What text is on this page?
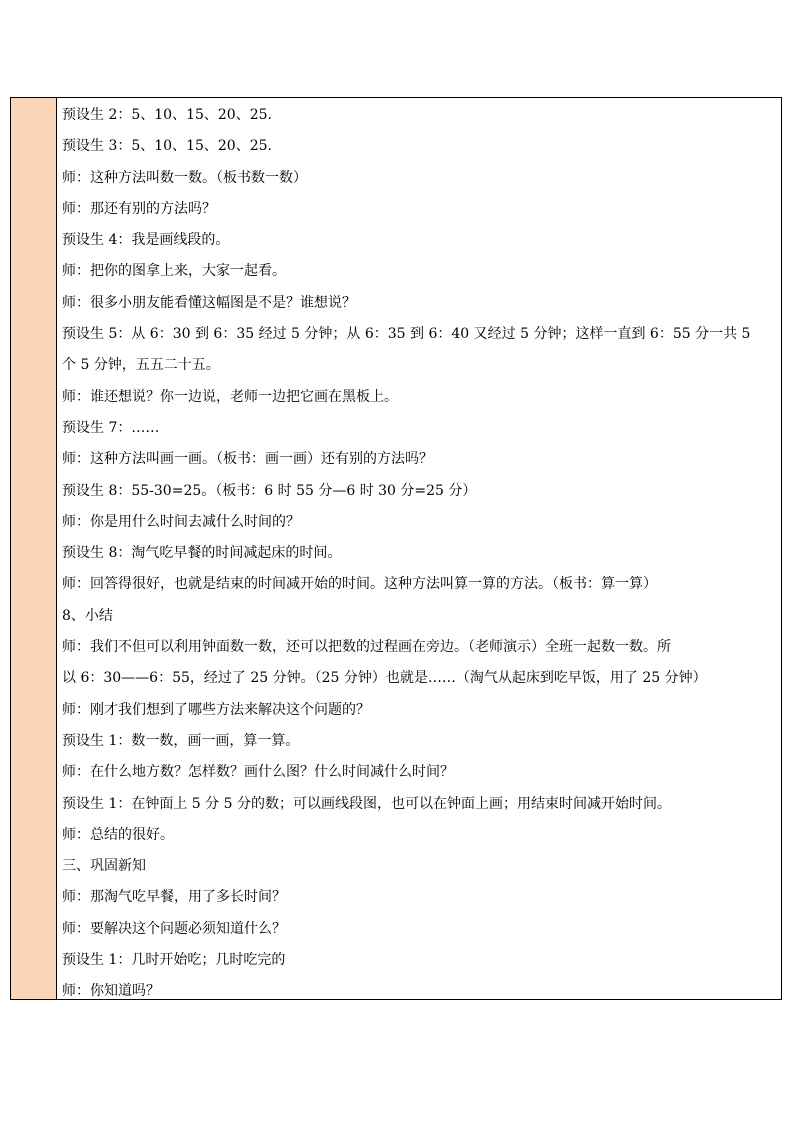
预设生 2：5、10、15、20、25.
预设生 3：5、10、15、20、25.
师：这种方法叫数一数。（板书数一数）
师：那还有别的方法吗？
预设生 4：我是画线段的。
师：把你的图拿上来，大家一起看。
师：很多小朋友能看懂这幅图是不是？谁想说？
预设生 5：从 6：30 到 6：35 经过 5 分钟；从 6：35 到 6：40 又经过 5 分钟；这样一直到 6：55 分一共 5
个 5 分钟，五五二十五。
师：谁还想说？你一边说，老师一边把它画在黑板上。
预设生 7：……
师：这种方法叫画一画。（板书：画一画）还有别的方法吗？
预设生 8：55-30=25。（板书：6 时 55 分—6 时 30 分=25 分）
师：你是用什么时间去减什么时间的？
预设生 8：淘气吃早餐的时间减起床的时间。
师：回答得很好，也就是结束的时间减开始的时间。这种方法叫算一算的方法。（板书：算一算）
8、小结
师：我们不但可以利用钟面数一数，还可以把数的过程画在旁边。（老师演示）全班一起数一数。所
以 6：30——6：55，经过了 25 分钟。（25 分钟）也就是……（淘气从起床到吃早饭，用了 25 分钟）
师：刚才我们想到了哪些方法来解决这个问题的？
预设生 1：数一数，画一画，算一算。
师：在什么地方数？怎样数？画什么图？什么时间减什么时间？
预设生 1：在钟面上 5 分 5 分的数；可以画线段图，也可以在钟面上画；用结束时间减开始时间。
师：总结的很好。
三、巩固新知
师：那淘气吃早餐，用了多长时间？
师：要解决这个问题必须知道什么？
预设生 1：几时开始吃；几时吃完的
师：你知道吗？
